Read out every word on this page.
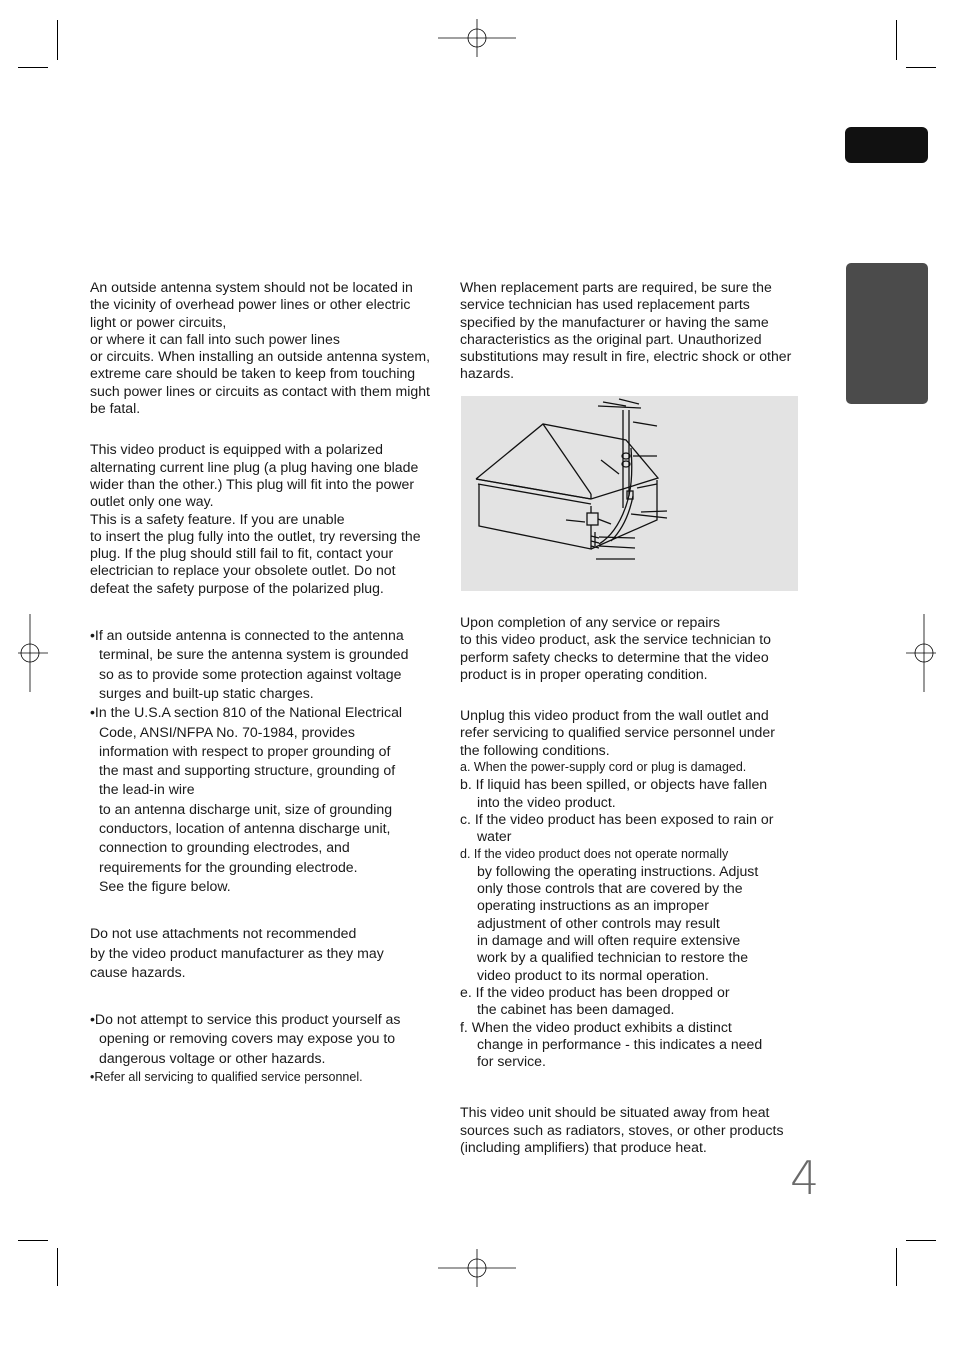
An outside antenna system should not be located in the vicinity of overhead power lines or other electric light or power circuits,

or where it can fall into such power lines

or circuits. When installing an outside antenna system, extreme care should be taken to keep from touching such power lines or circuits as contact with them might be fatal.

This video product is equipped with a polarized alternating current line plug (a plug having one blade wider than the other.) This plug will fit into the power outlet only one way.

This is a safety feature. If you are unable

to insert the plug fully into the outlet, try reversing the plug. If the plug should still fail to fit, contact your electrician to replace your obsolete outlet. Do not defeat the safety purpose of the polarized plug.

•If an outside antenna is connected to the antenna terminal, be sure the antenna system is grounded so as to provide some protection against voltage surges and built-up static charges.

•In the U.S.A section 810 of the National Electrical Code, ANSI/NFPA No. 70-1984, provides information with respect to proper grounding of the mast and supporting structure, grounding of the lead-in wire

to an antenna discharge unit, size of grounding conductors, location of antenna discharge unit, connection to grounding electrodes, and requirements for the grounding electrode.

See the figure below.

Do not use attachments not recommended

by the video product manufacturer as they may cause hazards.

•Do not attempt to service this product yourself as opening or removing covers may expose you to dangerous voltage or other hazards.

•Refer all servicing to qualified service personnel.

When replacement parts are required, be sure the service technician has used replacement parts specified by the manufacturer or having the same characteristics as the original part. Unauthorized substitutions may result in fire, electric shock or other hazards.

Upon completion of any service or repairs

to this video product, ask the service technician to perform safety checks to determine that the video product is in proper operating condition.

Unplug this video product from the wall outlet and refer servicing to qualified service personnel under the following conditions.

a. When the power-supply cord or plug is damaged.

b. If liquid has been spilled, or objects have fallen into the video product.

c. If the video product has been exposed to rain or water

d. If the video product does not operate normally

by following the operating instructions. Adjust only those controls that are covered by the operating instructions as an improper adjustment of other controls may result

in damage and will often require extensive work by a qualified technician to restore the video product to its normal operation.

e. If the video product has been dropped or the cabinet has been damaged.

f. When the video product exhibits a distinct change in performance - this indicates a need for service.

This video unit should be situated away from heat sources such as radiators, stoves, or other products (including amplifiers) that produce heat.

4
